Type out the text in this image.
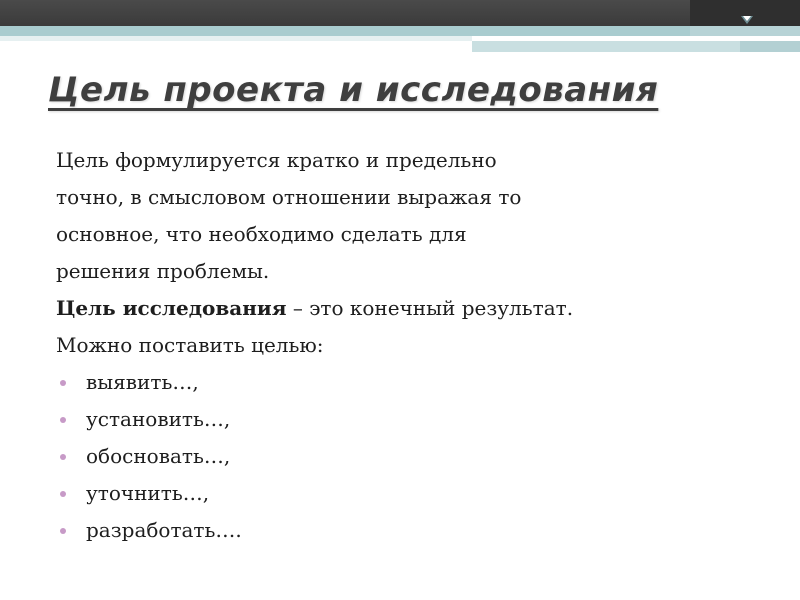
Цель проекта и исследования

Цель формулируется кратко и предельно

точно, в смысловом отношении выражая то

основное, что необходимо сделать для

решения проблемы.

Цель исследования – это конечный результат.

Можно поставить целью:

выявить…,
установить…,
обосновать…,
уточнить…,
разработать….
